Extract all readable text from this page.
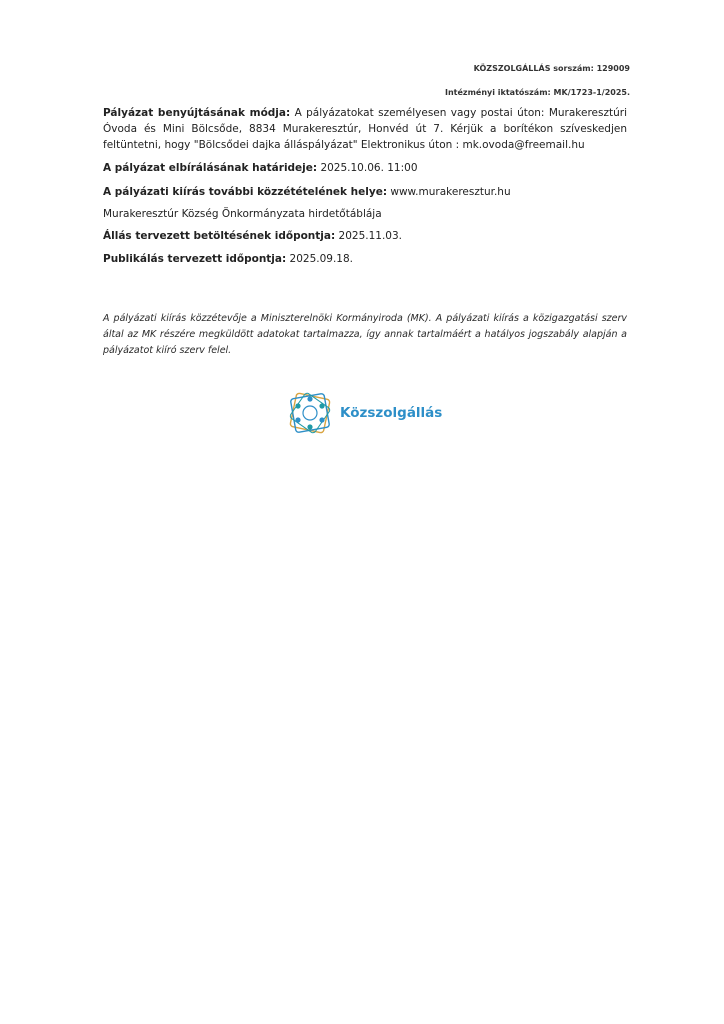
KÖZSZOLGÁLLÁS sorszám: 129009
Intézményi iktatószám: MK/1723-1/2025.
Pályázat benyújtásának módja: A pályázatokat személyesen vagy postai úton: Murakeresztúri Óvoda és Mini Bölcsőde, 8834 Murakeresztúr, Honvéd út 7. Kérjük a borítékon szíveskedjen feltüntetni, hogy "Bölcsődei dajka álláspályázat" Elektronikus úton : mk.ovoda@freemail.hu
A pályázat elbírálásának határideje: 2025.10.06. 11:00
A pályázati kiírás további közzétételének helye: www.murakeresztur.hu
Murakeresztúr Község Önkormányzata hirdetőtáblája
Állás tervezett betöltésének időpontja: 2025.11.03.
Publikálás tervezett időpontja: 2025.09.18.
A pályázati kiírás közzétevője a Miniszterelnöki Kormányiroda (MK). A pályázati kiírás a közigazgatási szerv által az MK részére megküldött adatokat tartalmazza, így annak tartalmáért a hatályos jogszabály alapján a pályázatot kiíró szerv felel.
Közszolgállás
